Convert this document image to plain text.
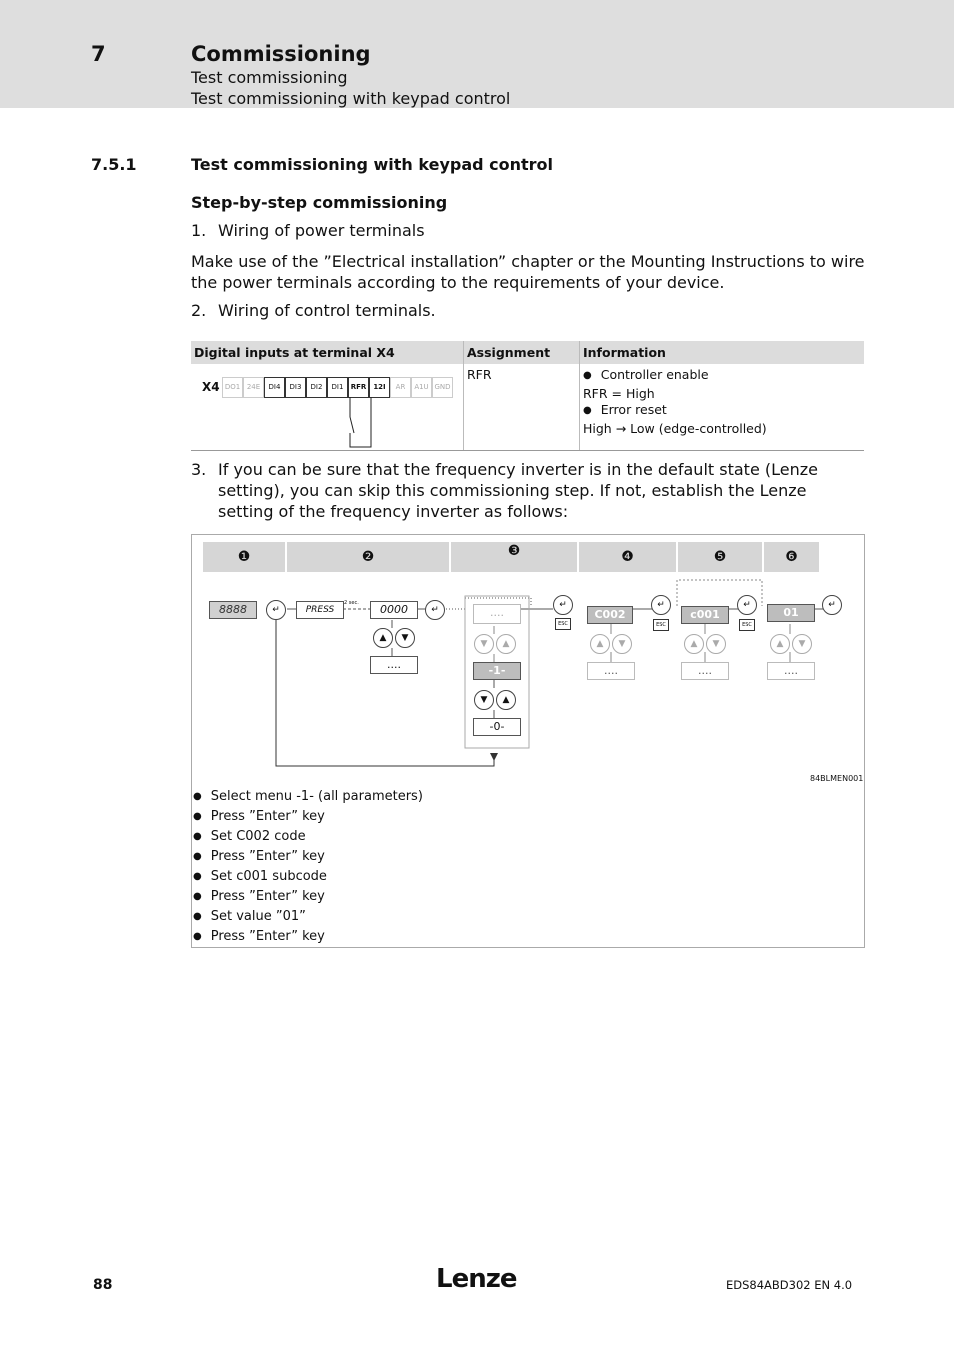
7	Commissioning
Test commissioning
Test commissioning with keypad control
7.5.1	Test commissioning with keypad control
Step-by-step commissioning
1. Wiring of power terminals
Make use of the ”Electrical installation” chapter or the Mounting Instructions to wire the power terminals according to the requirements of your device.
2. Wiring of control terminals.
Digital inputs at terminal X4	Assignment	Information
	RFR	● Controller enable
RFR = High
● Error reset
High → Low (edge-controlled)
X4 DO1 24E	DI4	DI3	DI2	DI1	RFR	12I	AR	A1U GND
3. If you can be sure that the frequency inverter is in the default state (Lenze setting), you can skip this commissioning step. If not, establish the Lenze setting of the frequency inverter as follows:
❶	❷	❸	❹	❺	❻
8888	↵	PRESS
2 sec.	0000	↵
▲	▼
....
....
▼	▲
-1-
▼	▲
-0-
↵
ESC
C002
▲	▼
....
↵
ESC
c001
▲	▼
....
↵
ESC
01
▲	▼
....
↵
84BLMEN001
● Select menu -1- (all parameters)
● Press ”Enter” key
● Set C002 code
● Press ”Enter” key
● Set c001 subcode
● Press ”Enter” key
● Set value ”01”
● Press ”Enter” key
88	Lenze	EDS84ABD302 EN 4.0
